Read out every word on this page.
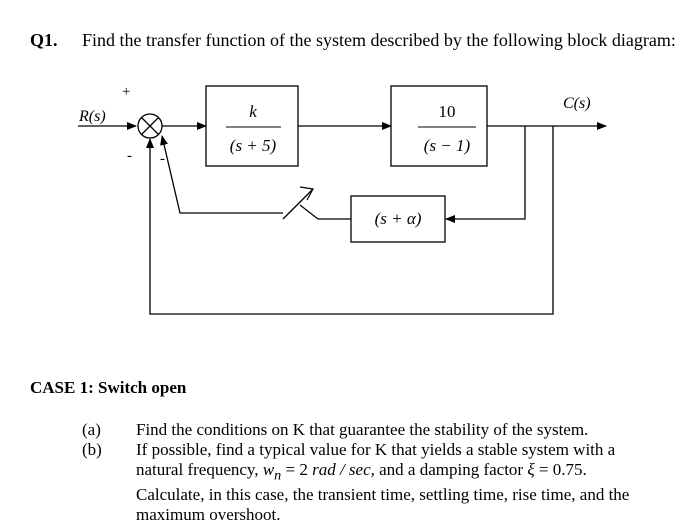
Q1. Find the transfer function of the system described by the following block diagram:
R(s)
+
- -
k
(s + 5)
10
(s − 1)
C(s)
(s + α)
CASE 1: Switch open
(a) Find the conditions on K that guarantee the stability of the system.
(b) If possible, find a typical value for K that yields a stable system with a
natural frequency, $w_n = 2$ rad / sec, and a damping factor ξ = 0.75.
Calculate, in this case, the transient time, settling time, rise time, and the
maximum overshoot.
